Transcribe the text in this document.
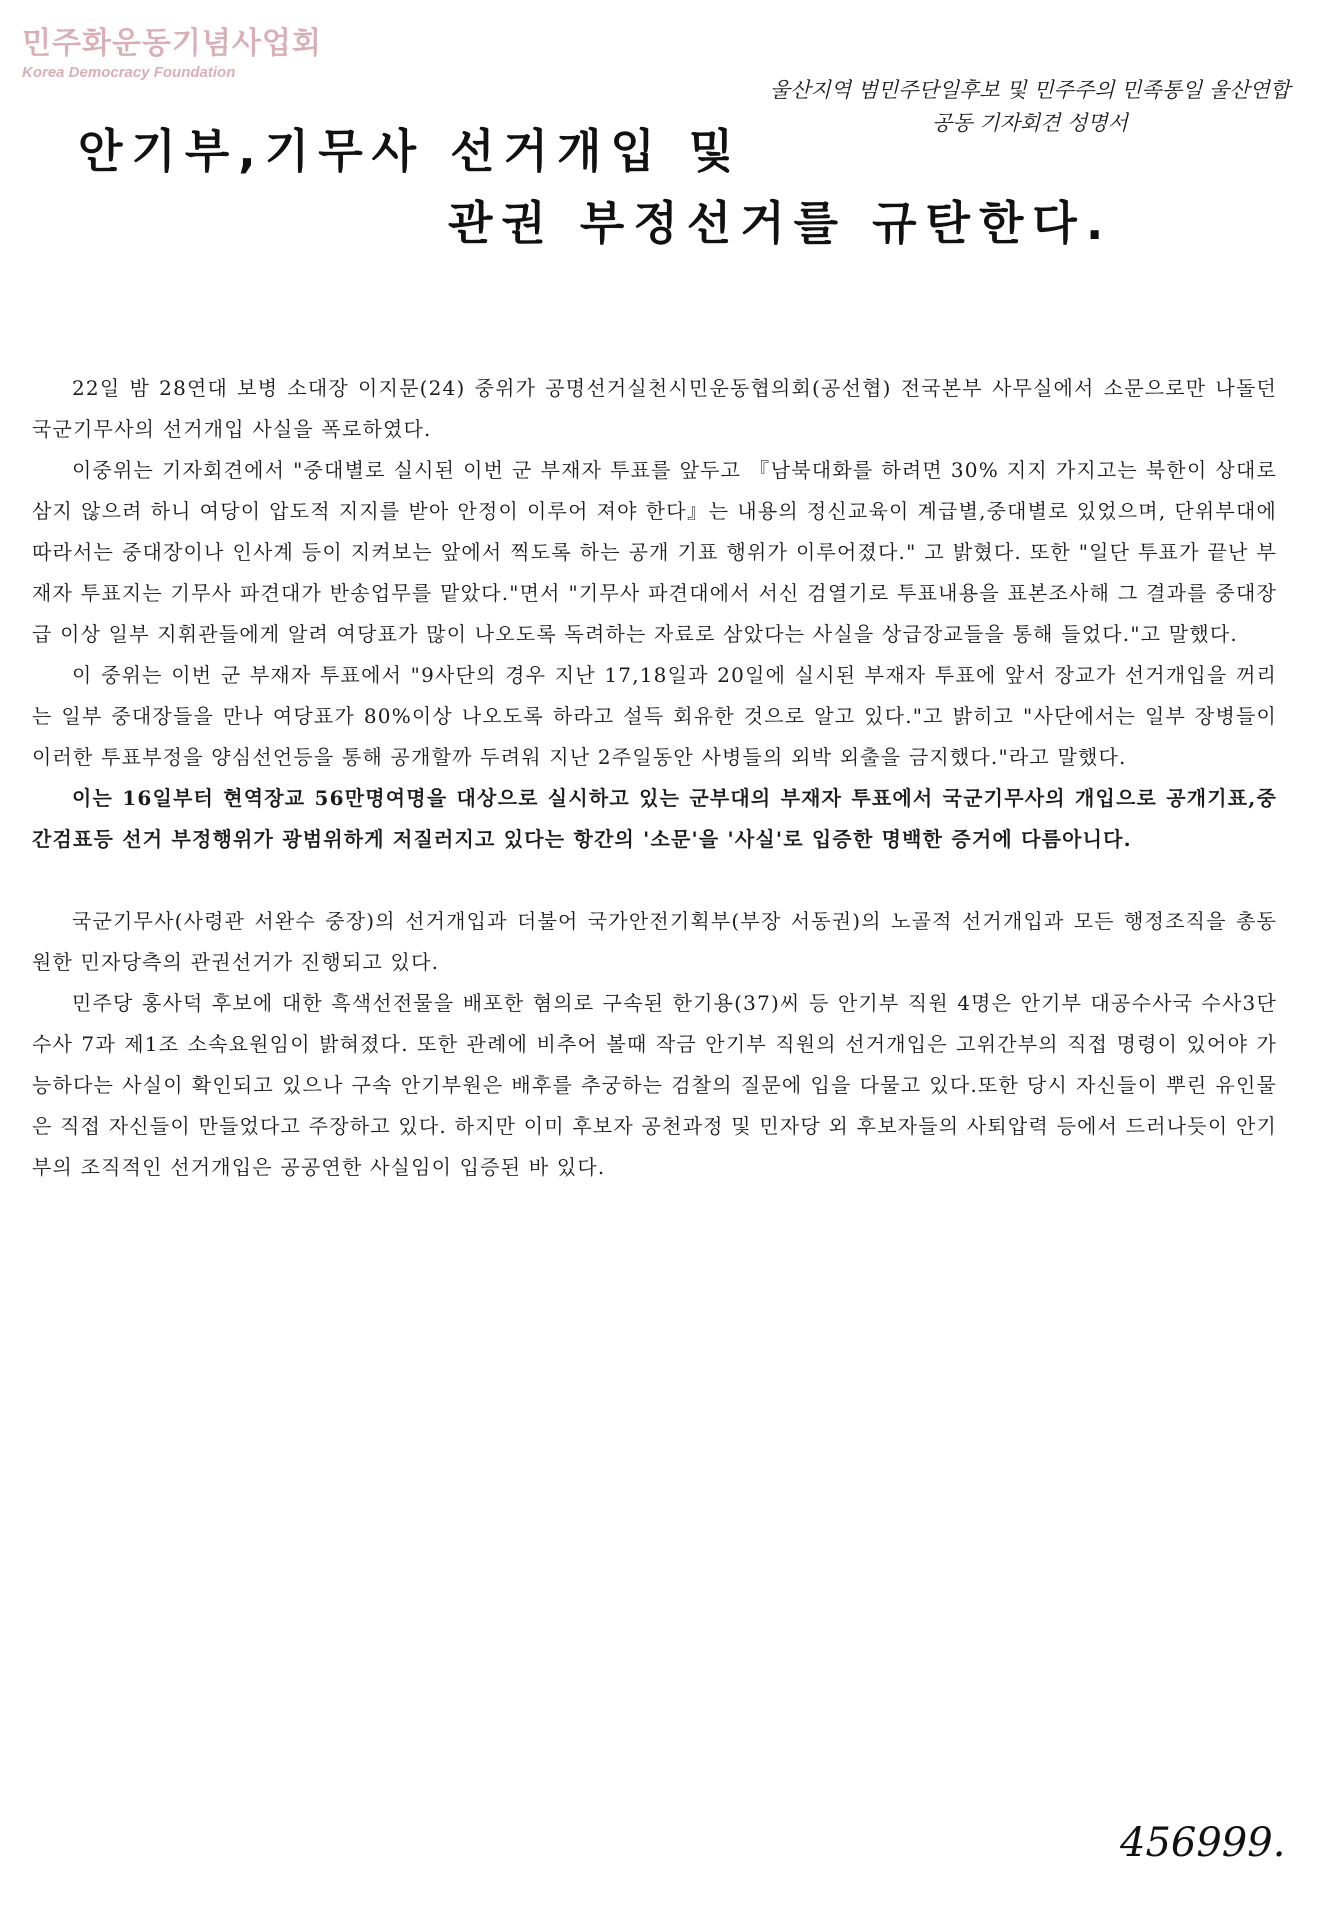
민주화운동기념사업회
Korea Democracy Foundation
울산지역 범민주단일후보 및 민주주의 민족통일 울산연합
공동 기자회견 성명서
안기부,기무사 선거개입 및
관권 부정선거를 규탄한다.

22일 밤 28연대 보병 소대장 이지문(24) 중위가 공명선거실천시민운동협의회(공선협) 전국본부 사무실에서 소문으로만 나돌던 국군기무사의 선거개입 사실을 폭로하였다.

이중위는 기자회견에서 "중대별로 실시된 이번 군 부재자 투표를 앞두고 『남북대화를 하려면 30% 지지 가지고는 북한이 상대로 삼지 않으려 하니 여당이 압도적 지지를 받아 안정이 이루어 져야 한다』는 내용의 정신교육이 계급별,중대별로 있었으며, 단위부대에 따라서는 중대장이나 인사계 등이 지켜보는 앞에서 찍도록 하는 공개 기표 행위가 이루어졌다." 고 밝혔다. 또한 "일단 투표가 끝난 부재자 투표지는 기무사 파견대가 반송업무를 맡았다."면서 "기무사 파견대에서 서신 검열기로 투표내용을 표본조사해 그 결과를 중대장급 이상 일부 지휘관들에게 알려 여당표가 많이 나오도록 독려하는 자료로 삼았다는 사실을 상급장교들을 통해 들었다."고 말했다.

이 중위는 이번 군 부재자 투표에서 "9사단의 경우 지난 17,18일과 20일에 실시된 부재자 투표에 앞서 장교가 선거개입을 꺼리는 일부 중대장들을 만나 여당표가 80%이상 나오도록 하라고 설득 회유한 것으로 알고 있다."고 밝히고 "사단에서는 일부 장병들이 이러한 투표부정을 양심선언등을 통해 공개할까 두려워 지난 2주일동안 사병들의 외박 외출을 금지했다."라고 말했다.

이는 16일부터 현역장교 56만명여명을 대상으로 실시하고 있는 군부대의 부재자 투표에서 국군기무사의 개입으로 공개기표,중간검표등 선거 부정행위가 광범위하게 저질러지고 있다는 항간의 '소문'을 '사실'로 입증한 명백한 증거에 다름아니다.

국군기무사(사령관 서완수 중장)의 선거개입과 더불어 국가안전기획부(부장 서동권)의 노골적 선거개입과 모든 행정조직을 총동원한 민자당측의 관권선거가 진행되고 있다.

민주당 홍사덕 후보에 대한 흑색선전물을 배포한 혐의로 구속된 한기용(37)씨 등 안기부 직원 4명은 안기부 대공수사국 수사3단 수사 7과 제1조 소속요원임이 밝혀졌다. 또한 관례에 비추어 볼때 작금 안기부 직원의 선거개입은 고위간부의 직접 명령이 있어야 가능하다는 사실이 확인되고 있으나 구속 안기부원은 배후를 추궁하는 검찰의 질문에 입을 다물고 있다.또한 당시 자신들이 뿌린 유인물은 직접 자신들이 만들었다고 주장하고 있다. 하지만 이미 후보자 공천과정 및 민자당 외 후보자들의 사퇴압력 등에서 드러나듯이 안기부의 조직적인 선거개입은 공공연한 사실임이 입증된 바 있다.

456999.
